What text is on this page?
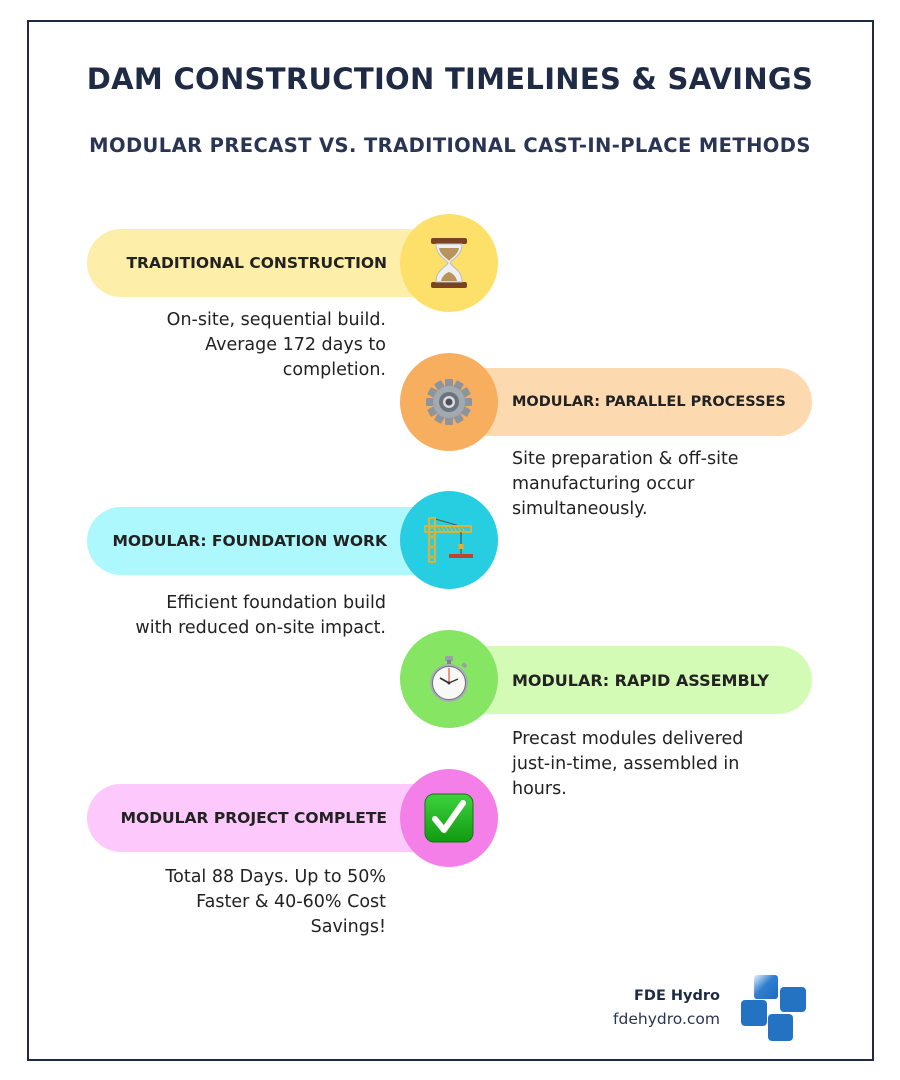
DAM CONSTRUCTION TIMELINES & SAVINGS
MODULAR PRECAST VS. TRADITIONAL CAST-IN-PLACE METHODS
TRADITIONAL CONSTRUCTION
On-site, sequential build.
Average 172 days to
completion.
MODULAR: PARALLEL PROCESSES
Site preparation & off-site
manufacturing occur
simultaneously.
MODULAR: FOUNDATION WORK
Efficient foundation build
with reduced on-site impact.
MODULAR: RAPID ASSEMBLY
Precast modules delivered
just-in-time, assembled in
hours.
MODULAR PROJECT COMPLETE
Total 88 Days. Up to 50%
Faster & 40-60% Cost
Savings!
FDE Hydro
fdehydro.com
